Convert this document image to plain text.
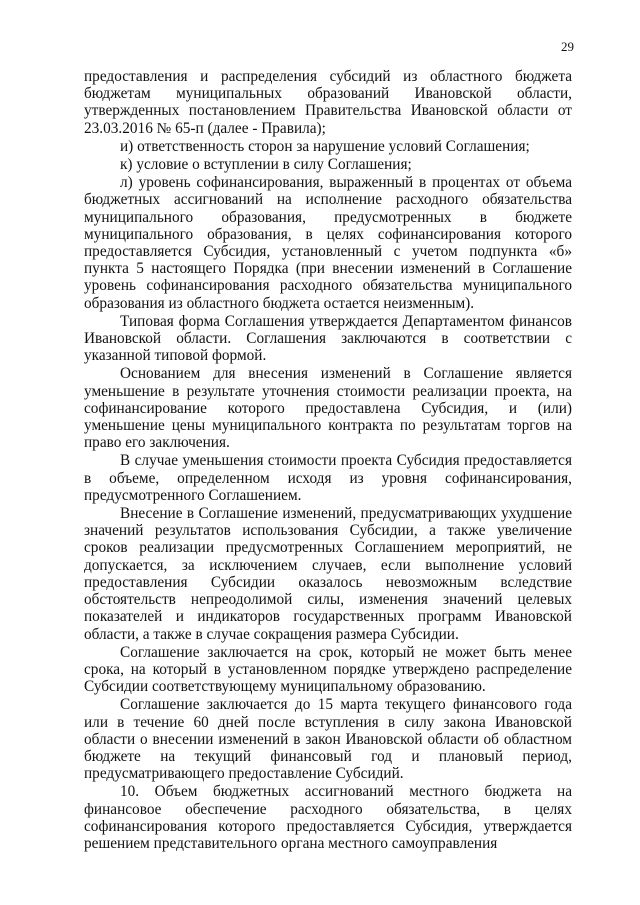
29

предоставления и распределения субсидий из областного бюджета бюджетам муниципальных образований Ивановской области, утвержденных постановлением Правительства Ивановской области от 23.03.2016 № 65-п (далее - Правила);

и) ответственность сторон за нарушение условий Соглашения;

к) условие о вступлении в силу Соглашения;

л) уровень софинансирования, выраженный в процентах от объема бюджетных ассигнований на исполнение расходного обязательства муниципального образования, предусмотренных в бюджете муниципального образования, в целях софинансирования которого предоставляется Субсидия, установленный с учетом подпункта «б» пункта 5 настоящего Порядка (при внесении изменений в Соглашение уровень софинансирования расходного обязательства муниципального образования из областного бюджета остается неизменным).

Типовая форма Соглашения утверждается Департаментом финансов Ивановской области. Соглашения заключаются в соответствии с указанной типовой формой.

Основанием для внесения изменений в Соглашение является уменьшение в результате уточнения стоимости реализации проекта, на софинансирование которого предоставлена Субсидия, и (или) уменьшение цены муниципального контракта по результатам торгов на право его заключения.

В случае уменьшения стоимости проекта Субсидия предоставляется в объеме, определенном исходя из уровня софинансирования, предусмотренного Соглашением.

Внесение в Соглашение изменений, предусматривающих ухудшение значений результатов использования Субсидии, а также увеличение сроков реализации предусмотренных Соглашением мероприятий, не допускается, за исключением случаев, если выполнение условий предоставления Субсидии оказалось невозможным вследствие обстоятельств непреодолимой силы, изменения значений целевых показателей и индикаторов государственных программ Ивановской области, а также в случае сокращения размера Субсидии.

Соглашение заключается на срок, который не может быть менее срока, на который в установленном порядке утверждено распределение Субсидии соответствующему муниципальному образованию.

Соглашение заключается до 15 марта текущего финансового года или в течение 60 дней после вступления в силу закона Ивановской области о внесении изменений в закон Ивановской области об областном бюджете на текущий финансовый год и плановый период, предусматривающего предоставление Субсидий.

10. Объем бюджетных ассигнований местного бюджета на финансовое обеспечение расходного обязательства, в целях софинансирования которого предоставляется Субсидия, утверждается решением представительного органа местного самоуправления
